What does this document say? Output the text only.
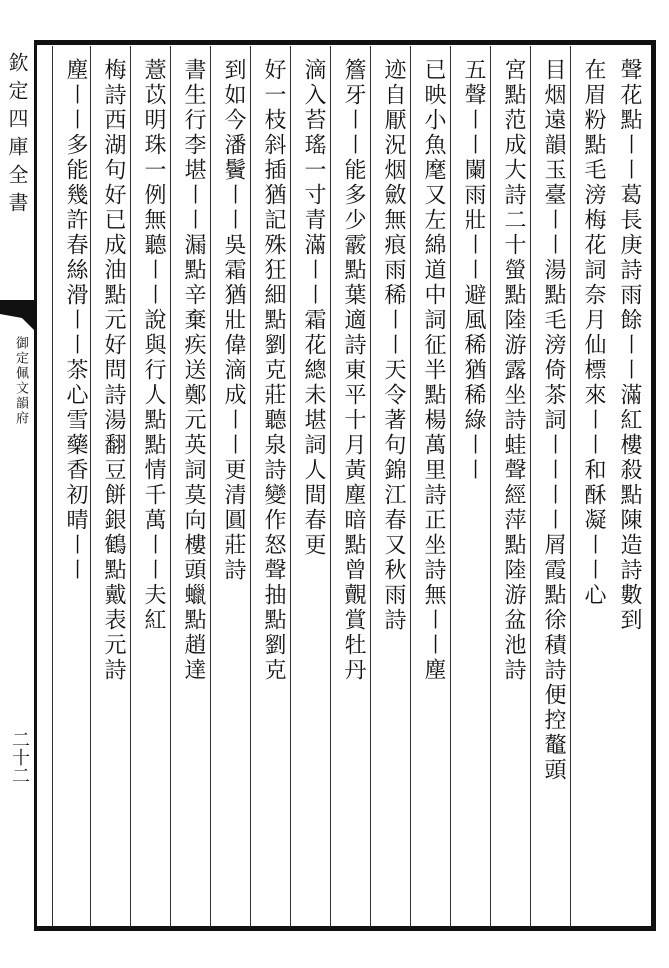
欽定四庫全書
御定佩文韻府
二十二
聲花點〡〡葛長庚詩雨餘〡〡滿紅樓殺點陳造詩數到
在眉粉點毛滂梅花詞奈月仙標來〡〡和酥凝〡〡心
目烟遠韻玉臺〡〡湯點毛滂倚茶詞〡〡〡〡屑霞點徐積詩便控鼇頭
宮點范成大詩二十螢點陸游露坐詩蛙聲經萍點陸游盆池詩
五聲〡〡闌雨壯〡〡避風稀猶稀綠〡〡
已映小魚麾又左綿道中詞征半點楊萬里詩正坐詩無〡〡塵
迹自厭況烟斂無痕雨稀〡〡天令著句錦江春又秋雨詩
簷牙〡〡能多少霰點葉適詩東平十月黃塵暗點曾覿賞牡丹
滴入苔瑤一寸青滿〡〡霜花總未堪詞人間春更
好一枝斜插猶記殊狂細點劉克莊聽泉詩變作怒聲抽點劉克
到如今潘鬢〡〡吳霜猶壯偉滴成〡〡更清圓莊詩
書生行李堪〡〡漏點辛棄疾送鄭元英詞莫向樓頭蠟點趙達
薏苡明珠一例無聽〡〡說與行人點點情千萬〡〡夫紅
梅詩西湖句好已成油點元好問詩湯翻豆餅銀鶴點戴表元詩
塵〡〡多能幾許春絲滑〡〡茶心雪藥香初晴〡〡
